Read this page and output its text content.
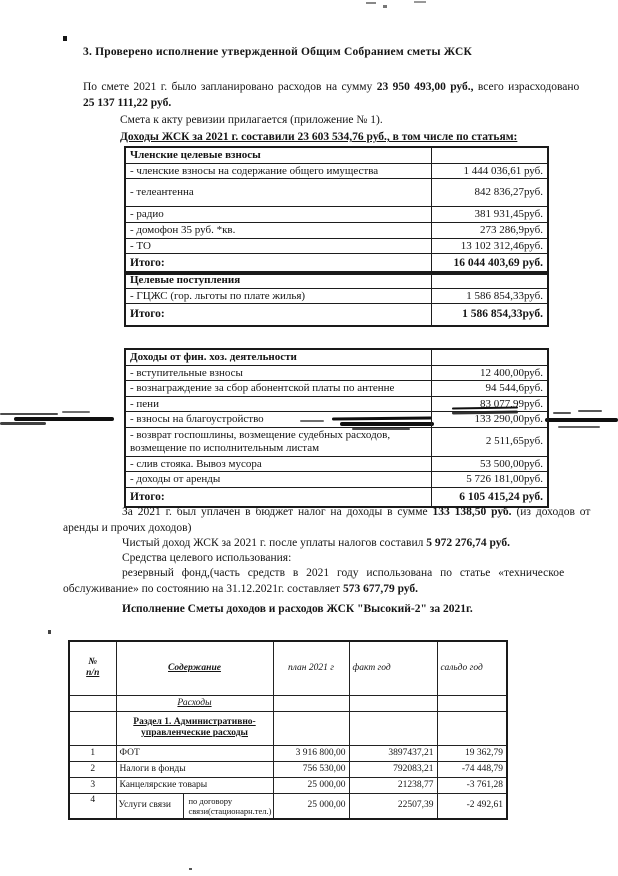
3. Проверено исполнение утвержденной Общим Собранием сметы ЖСК
По смете 2021 г. было запланировано расходов на сумму 23 950 493,00 руб., всего израсходовано
25 137 111,22 руб.
Смета к акту ревизии прилагается (приложение № 1).
Доходы ЖСК за 2021 г. составили 23 603 534,76 руб., в том числе по статьям:
Членские целевые взносы	
- членские взносы на содержание общего имущества	1 444 036,61 руб.
- телеантенна	842 836,27руб.
- радио	381 931,45руб.
- домофон 35 руб. *кв.	273 286,9руб.
- ТО	13 102 312,46руб.
Итого:	16 044 403,69 руб.
Целевые поступления	
- ГЦЖС (гор. льготы по плате жилья)	1 586 854,33руб.
Итого:	1 586 854,33руб.
Доходы от фин. хоз. деятельности	
- вступительные взносы	12 400,00руб.
- вознаграждение за сбор абонентской платы по антенне	94 544,6руб.
- пени	83 077,99руб.
- взносы на благоустройство	133 290,00руб.
- возврат госпошлины, возмещение судебных расходов, возмещение по исполнительным листам	2 511,65руб.
- слив стояка. Вывоз мусора	53 500,00руб.
- доходы от аренды	5 726 181,00руб.
Итого:	6 105 415,24 руб.
За 2021 г. был уплачен в бюджет налог на доходы в сумме 133 138,50 руб. (из доходов от
аренды и прочих доходов)
Чистый доход ЖСК за 2021 г. после уплаты налогов составил 5 972 276,74 руб.
Средства целевого использования:
резервный фонд,(часть средств в 2021 году использована по статье «техническое
обслуживание» по состоянию на 31.12.2021г. составляет 573 677,79 руб.
Исполнение Сметы доходов и расходов ЖСК "Высокий-2" за 2021г.
№
п/п	Содержание	план 2021 г	факт год	сальдо год
	Расходы			

	Раздел 1. Административно-
управленческие расходы			

1	ФОТ	3 916 800,00	3897437,21	19 362,79
2	Налоги в фонды	756 530,00	792083,21	-74 448,79
3	Канцелярские товары	25 000,00	21238,77	-3 761,28
4	Услуги связи по договору
связи(стационарн.тел.)	25 000,00	22507,39	-2 492,61
